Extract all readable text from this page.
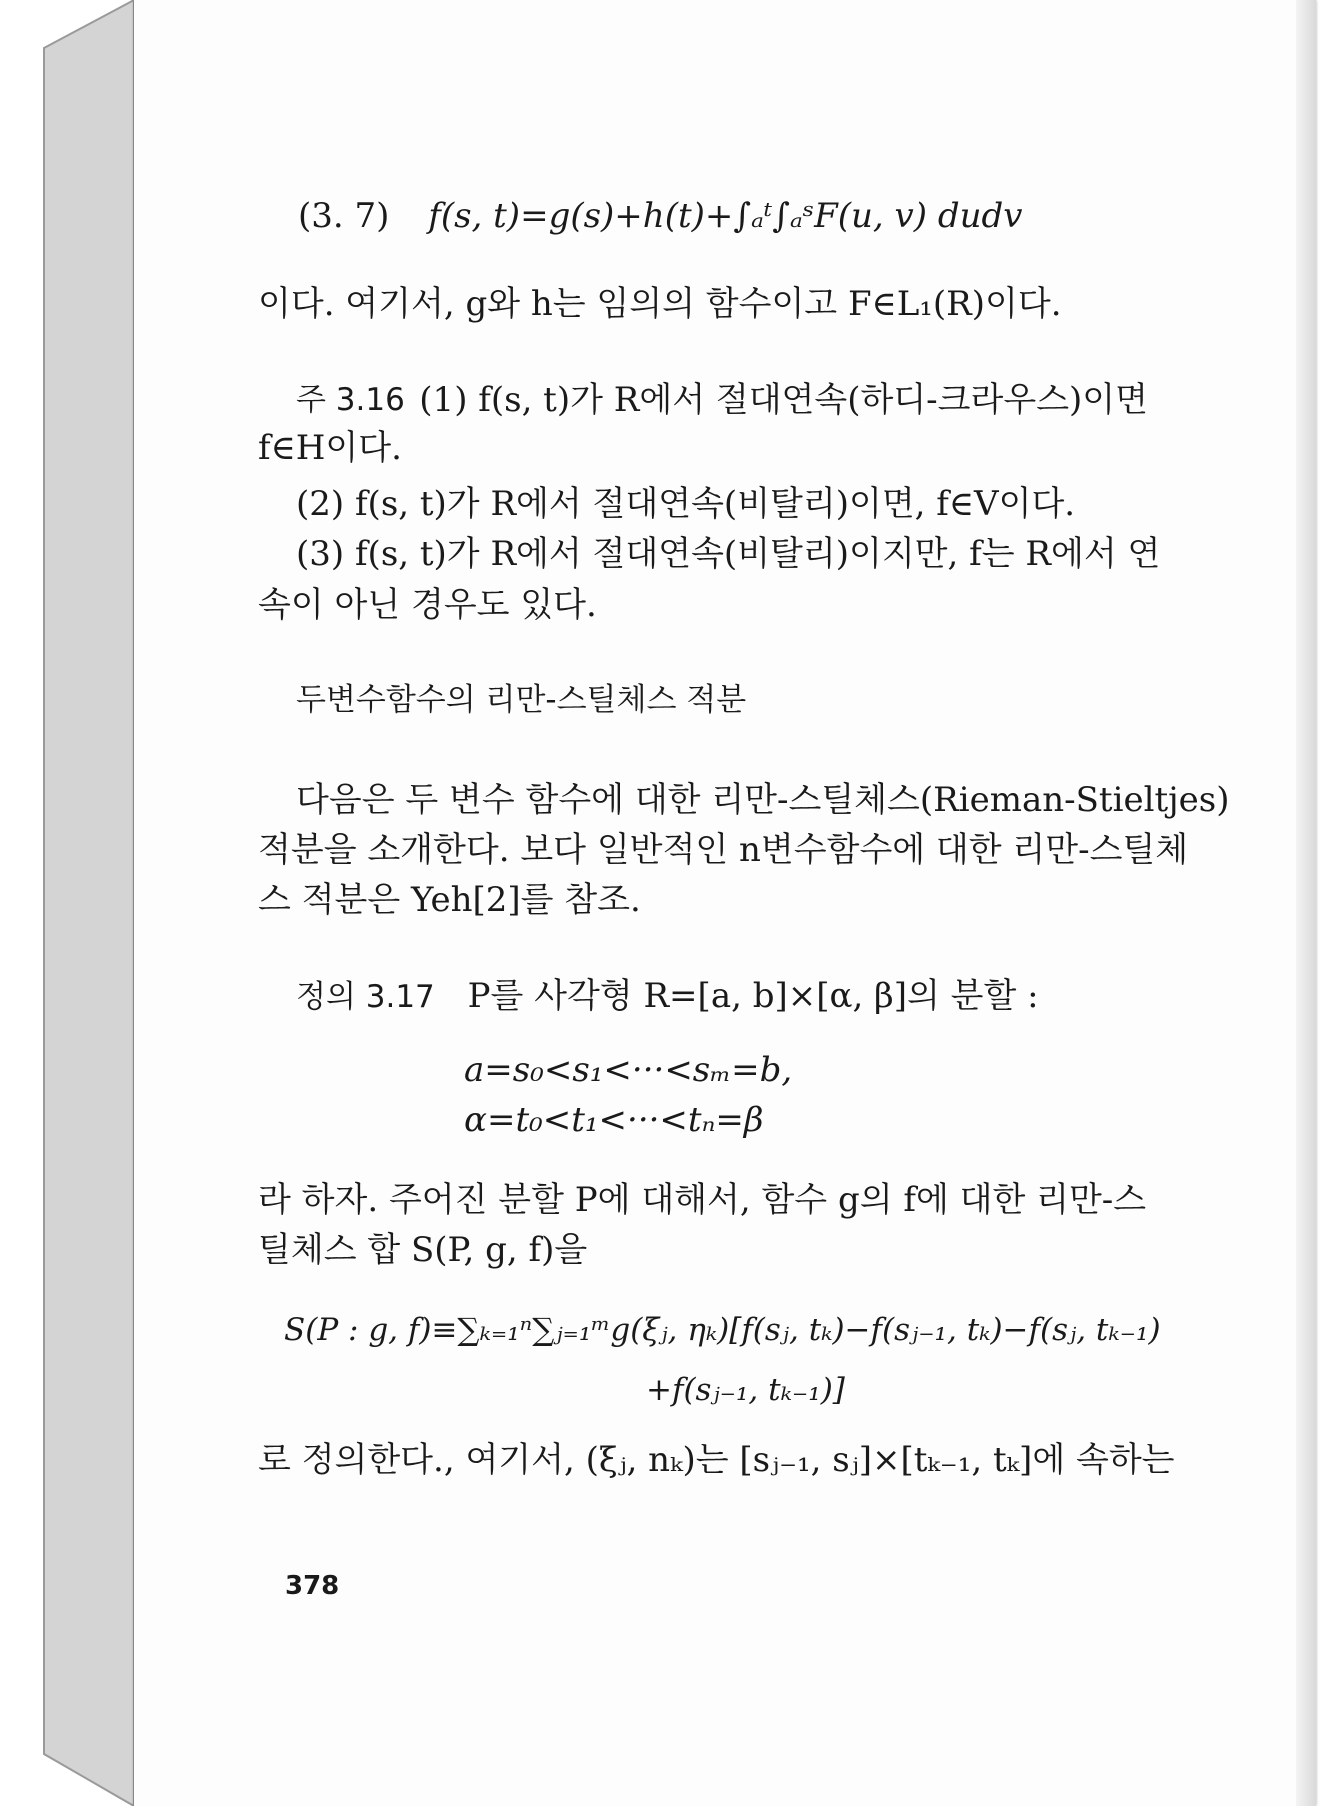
(3. 7) f(s, t)=g(s)+h(t)+∫ₐᵗ∫ₐˢF(u, v) dudv
이다. 여기서, g와 h는 임의의 함수이고 F∈L₁(R)이다.
주 3.16 (1) f(s, t)가 R에서 절대연속(하디-크라우스)이면
f∈H이다.
(2) f(s, t)가 R에서 절대연속(비탈리)이면, f∈V이다.
(3) f(s, t)가 R에서 절대연속(비탈리)이지만, f는 R에서 연
속이 아닌 경우도 있다.
두변수함수의 리만-스틸체스 적분
다음은 두 변수 함수에 대한 리만-스틸체스(Rieman-Stieltjes)
적분을 소개한다. 보다 일반적인 n변수함수에 대한 리만-스틸체
스 적분은 Yeh[2]를 참조.
정의 3.17 P를 사각형 R=[a, b]×[α, β]의 분할 :
a=s₀<s₁<···<sₘ=b,
α=t₀<t₁<···<tₙ=β
라 하자. 주어진 분할 P에 대해서, 함수 g의 f에 대한 리만-스
틸체스 합 S(P, g, f)을
S(P : g, f)≡∑ₖ₌₁ⁿ∑ⱼ₌₁ᵐg(ξⱼ, ηₖ)[f(sⱼ, tₖ)−f(sⱼ₋₁, tₖ)−f(sⱼ, tₖ₋₁)
+f(sⱼ₋₁, tₖ₋₁)]
로 정의한다., 여기서, (ξⱼ, nₖ)는 [sⱼ₋₁, sⱼ]×[tₖ₋₁, tₖ]에 속하는
378
